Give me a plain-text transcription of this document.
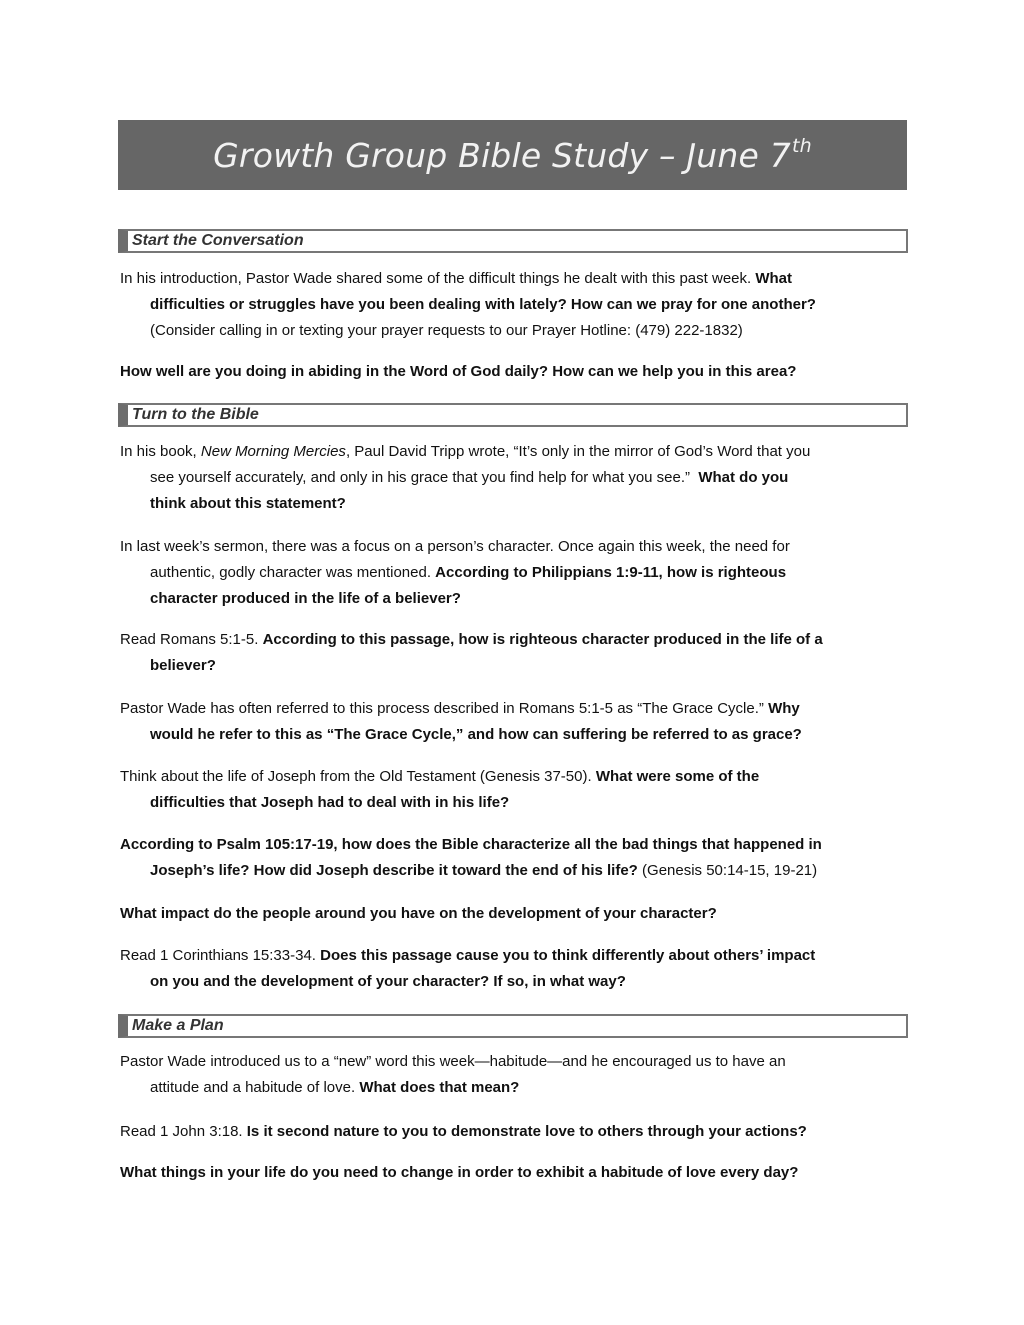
Growth Group Bible Study – June 7th
Start the Conversation
In his introduction, Pastor Wade shared some of the difficult things he dealt with this past week. What
difficulties or struggles have you been dealing with lately? How can we pray for one another?
(Consider calling in or texting your prayer requests to our Prayer Hotline: (479) 222-1832)
How well are you doing in abiding in the Word of God daily? How can we help you in this area?
Turn to the Bible
In his book, New Morning Mercies, Paul David Tripp wrote, “It’s only in the mirror of God’s Word that you
see yourself accurately, and only in his grace that you find help for what you see.”  What do you
think about this statement?
In last week’s sermon, there was a focus on a person’s character. Once again this week, the need for
authentic, godly character was mentioned. According to Philippians 1:9-11, how is righteous
character produced in the life of a believer?
Read Romans 5:1-5. According to this passage, how is righteous character produced in the life of a
believer?
Pastor Wade has often referred to this process described in Romans 5:1-5 as “The Grace Cycle.” Why
would he refer to this as “The Grace Cycle,” and how can suffering be referred to as grace?
Think about the life of Joseph from the Old Testament (Genesis 37-50). What were some of the
difficulties that Joseph had to deal with in his life?
According to Psalm 105:17-19, how does the Bible characterize all the bad things that happened in
Joseph’s life? How did Joseph describe it toward the end of his life? (Genesis 50:14-15, 19-21)
What impact do the people around you have on the development of your character?
Read 1 Corinthians 15:33-34. Does this passage cause you to think differently about others’ impact
on you and the development of your character? If so, in what way?
Make a Plan
Pastor Wade introduced us to a “new” word this week—habitude—and he encouraged us to have an
attitude and a habitude of love. What does that mean?
Read 1 John 3:18. Is it second nature to you to demonstrate love to others through your actions?
What things in your life do you need to change in order to exhibit a habitude of love every day?
